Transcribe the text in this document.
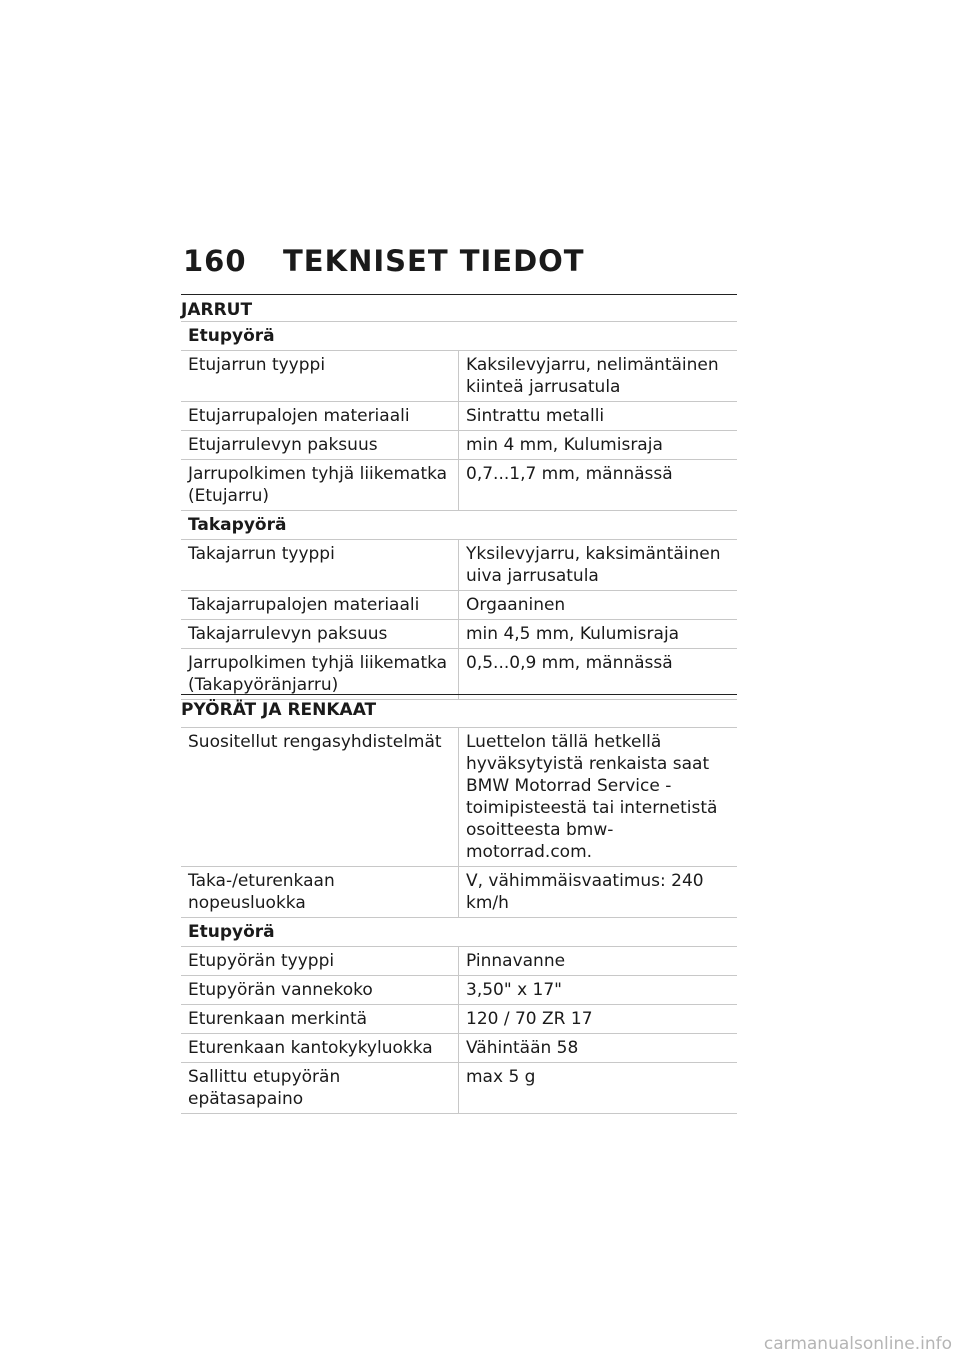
160	TEKNISET TIEDOT
JARRUT
Etupyörä	
Etujarrun tyyppi	Kaksilevyjarru, nelimäntäinen kiinteä jarrusatula
Etujarrupalojen materiaali	Sintrattu metalli
Etujarrulevyn paksuus	min 4 mm, Kulumisraja
Jarrupolkimen tyhjä liikematka (Etujarru)	0,7...1,7 mm, männässä
Takapyörä	
Takajarrun tyyppi	Yksilevyjarru, kaksimäntäinen uiva jarrusatula
Takajarrupalojen materiaali	Orgaaninen
Takajarrulevyn paksuus	min 4,5 mm, Kulumisraja
Jarrupolkimen tyhjä liikematka (Takapyöränjarru)	0,5...0,9 mm, männässä
PYÖRÄT JA RENKAAT
Suositellut rengasyhdistelmät	Luettelon tällä hetkellä hyväksytyistä renkaista saat BMW Motorrad Service -toimipisteestä tai internetistä osoitteesta bmw-motorrad.com.
Taka-/eturenkaan nopeusluokka	V, vähimmäisvaatimus: 240 km/h
Etupyörä	
Etupyörän tyyppi	Pinnavanne
Etupyörän vannekoko	3,50" x 17"
Eturenkaan merkintä	120 / 70 ZR 17
Eturenkaan kantokykyluokka	Vähintään 58
Sallittu etupyörän epätasapaino	max 5 g
carmanualsonline.info
